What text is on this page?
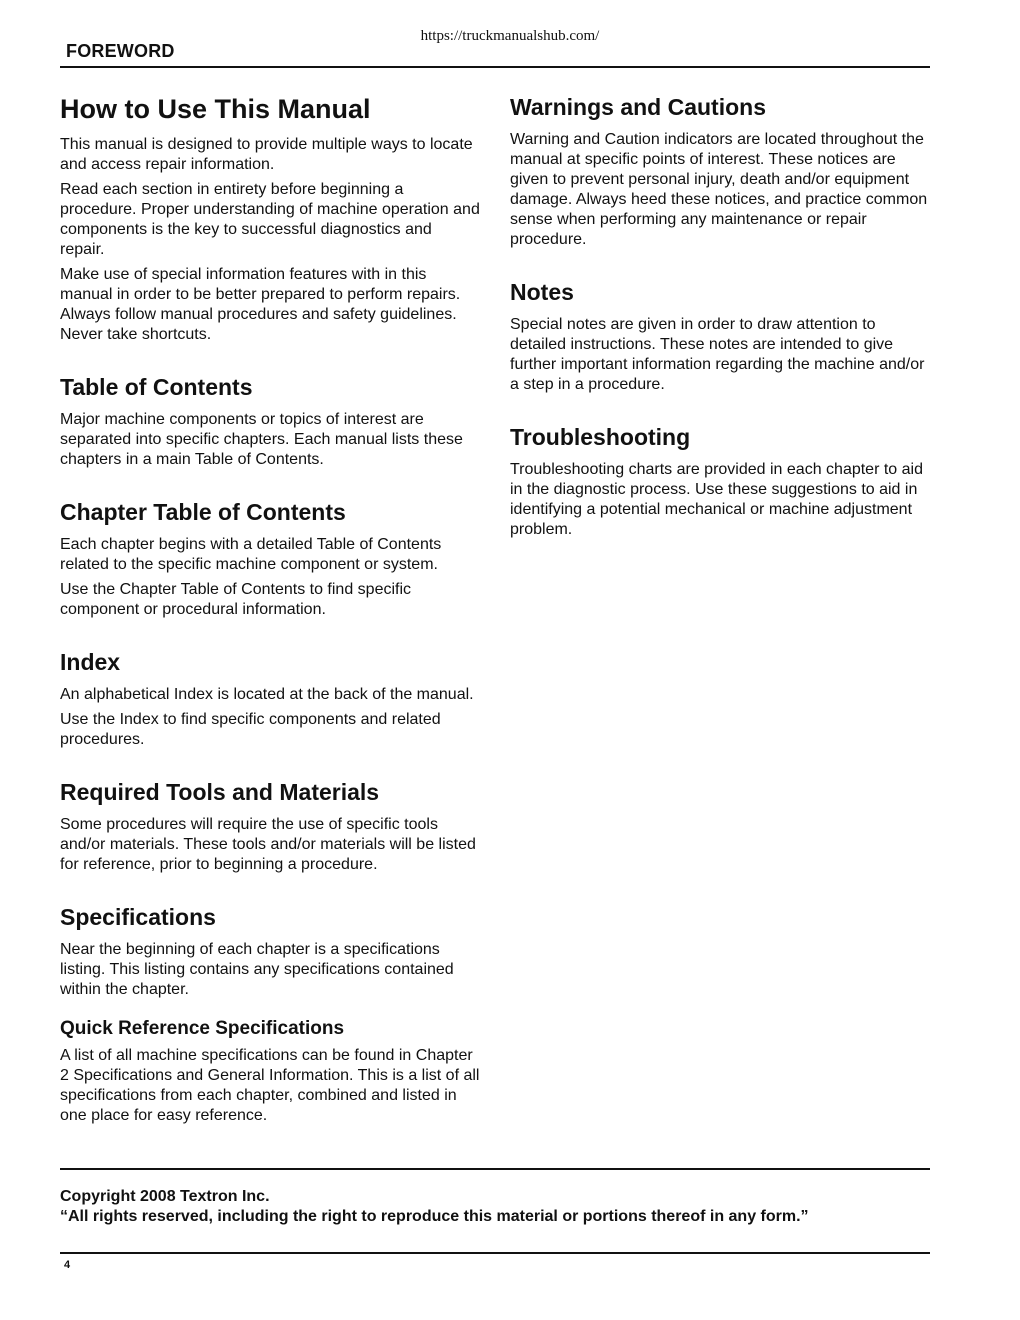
https://truckmanualshub.com/
FOREWORD
How to Use This Manual

This manual is designed to provide multiple ways to locate and access repair information.

Read each section in entirety before beginning a procedure. Proper understanding of machine operation and components is the key to successful diagnostics and repair.

Make use of special information features with in this manual in order to be better prepared to perform repairs. Always follow manual procedures and safety guidelines. Never take shortcuts.

Table of Contents

Major machine components or topics of interest are separated into specific chapters. Each manual lists these chapters in a main Table of Contents.

Chapter Table of Contents

Each chapter begins with a detailed Table of Contents related to the specific machine component or system.

Use the Chapter Table of Contents to find specific component or procedural information.

Index

An alphabetical Index is located at the back of the manual.

Use the Index to find specific components and related procedures.

Required Tools and Materials

Some procedures will require the use of specific tools and/or materials. These tools and/or materials will be listed for reference, prior to beginning a procedure.

Specifications

Near the beginning of each chapter is a specifications listing. This listing contains any specifications contained within the chapter.

Quick Reference Specifications

A list of all machine specifications can be found in Chapter 2 Specifications and General Information. This is a list of all specifications from each chapter, combined and listed in one place for easy reference.

Warnings and Cautions

Warning and Caution indicators are located throughout the manual at specific points of interest. These notices are given to prevent personal injury, death and/or equipment damage. Always heed these notices, and practice common sense when performing any maintenance or repair procedure.

Notes

Special notes are given in order to draw attention to detailed instructions. These notes are intended to give further important information regarding the machine and/or a step in a procedure.

Troubleshooting

Troubleshooting charts are provided in each chapter to aid in the diagnostic process. Use these suggestions to aid in identifying a potential mechanical or machine adjustment problem.

Copyright 2008 Textron Inc.
“All rights reserved, including the right to reproduce this material or portions thereof in any form.”
4
